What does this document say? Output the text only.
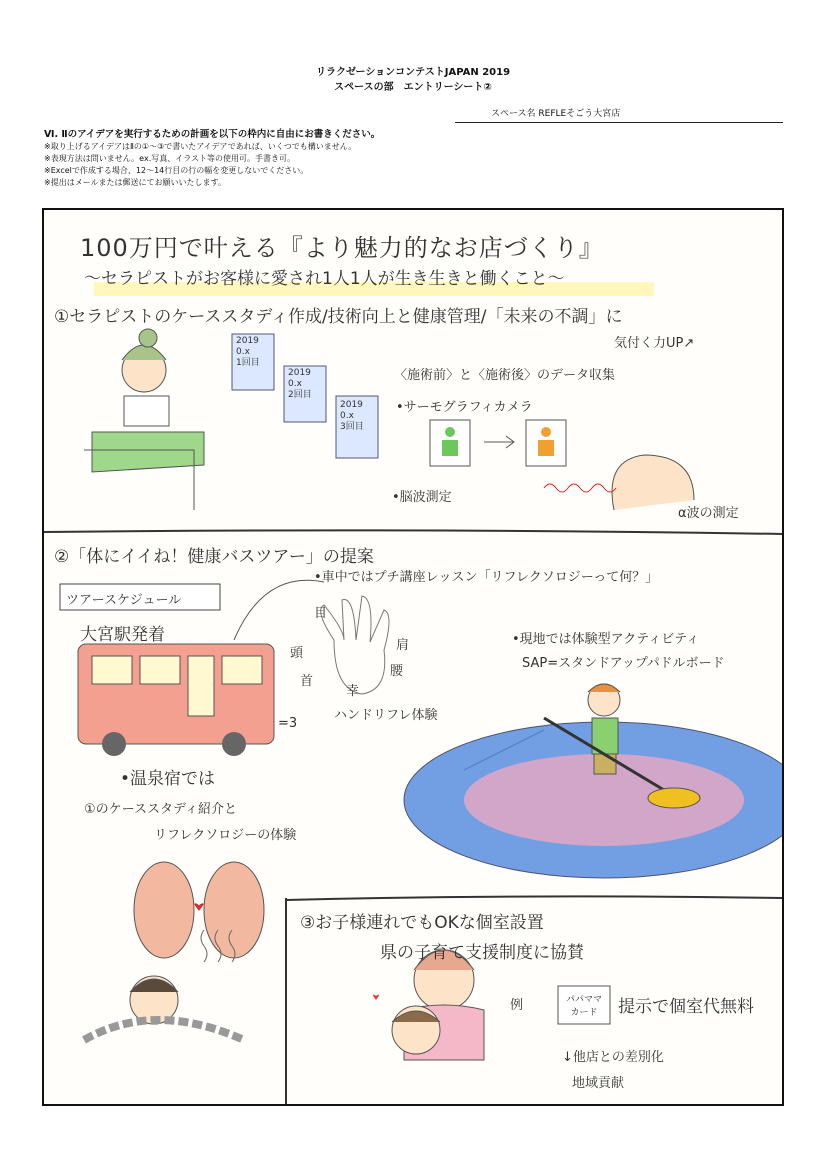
リラクゼーションコンテストJAPAN 2019
スペースの部　エントリーシート②
スペース名 REFLEそごう大宮店
Ⅵ. Ⅱのアイデアを実行するための計画を以下の枠内に自由にお書きください。
※取り上げるアイデアはⅡの①～③で書いたアイデアであれば、いくつでも構いません。
※表現方法は問いません。ex.写真、イラスト等の使用可。手書き可。
※Excelで作成する場合、12～14行目の行の幅を変更しないでください。
※提出はメールまたは郵送にてお願いいたします。
100万円で叶える『より魅力的なお店づくり』
～セラピストがお客様に愛され1人1人が生き生きと働くこと～
①セラピストのケーススタディ作成/技術向上と健康管理/「未来の不調」に
気付く力UP↗
2019
0.x
1回目
2019
0.x
2回目
2019
0.x
3回目
〈施術前〉と〈施術後〉のデータ収集
•サーモグラフィカメラ
•脳波測定
α波の測定
②「体にイイね！健康バスツアー」の提案
ツアースケジュール
大宮駅発着
•車中ではプチ講座レッスン「リフレクソロジーって何？」
目
頭
肩
首
腰
幸
ハンドリフレ体験
=3
•現地では体験型アクティビティ
SAP=スタンドアップパドルボード
•温泉宿では
①のケーススタディ紹介と
リフレクソロジーの体験
③お子様連れでもOKな個室設置
県の子育て支援制度に協賛
例	パパママ カード	提示で個室代無料
↓他店との差別化
地域貢献
